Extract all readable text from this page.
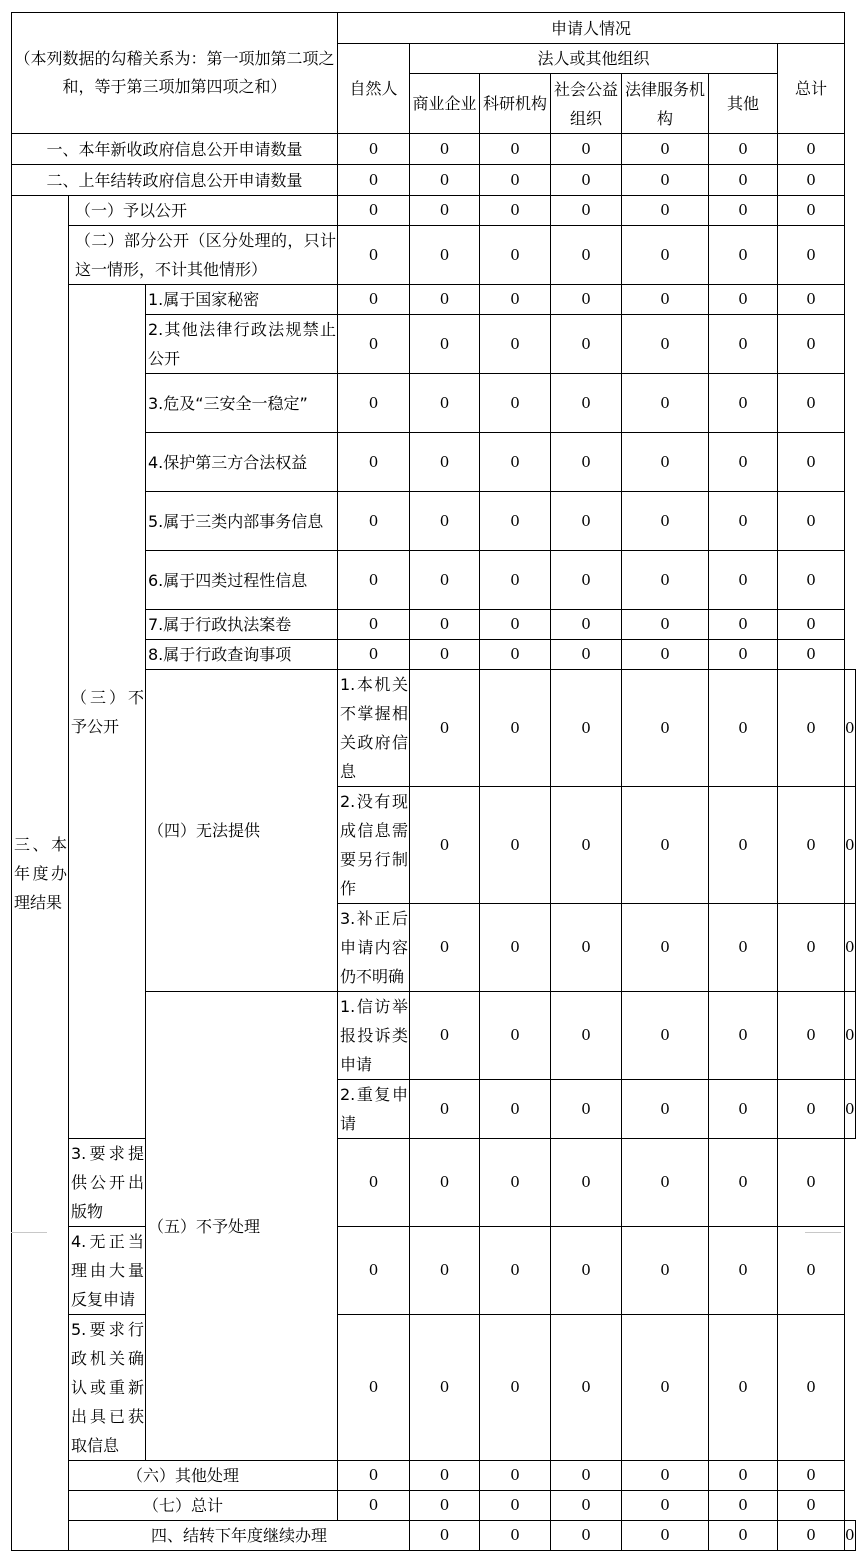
（本列数据的勾稽关系为：第一项加第二项之和，等于第三项加第四项之和）			申请人情况							
			自然人	法人或其他组织					总计	
				商业企业	科研机构	社会公益组织	法律服务机构	其他		

一、本年新收政府信息公开申请数量			0	0	0	0	0	0	0	
二、上年结转政府信息公开申请数量			0	0	0	0	0	0	0	
三、本年度办理结果	（一）予以公开		0	0	0	0	0	0	0	
	（二）部分公开（区分处理的，只计这一情形，不计其他情形）		0	0	0	0	0	0	0	
	（三）不予公开	1.属于国家秘密	0	0	0	0	0	0	0	
		2.其他法律行政法规禁止公开	0	0	0	0	0	0	0	
		3.危及“三安全一稳定”	0	0	0	0	0	0	0	
		4.保护第三方合法权益	0	0	0	0	0	0	0	
		5.属于三类内部事务信息	0	0	0	0	0	0	0	
		6.属于四类过程性信息	0	0	0	0	0	0	0	
		7.属于行政执法案卷	0	0	0	0	0	0	0	
		8.属于行政查询事项	0	0	0	0	0	0	0	
		（四）无法提供	1.本机关不掌握相关政府信息	0	0	0	0	0	0	0
			2.没有现成信息需要另行制作	0	0	0	0	0	0	0
			3.补正后申请内容仍不明确	0	0	0	0	0	0	0
		（五）不予处理	1.信访举报投诉类申请	0	0	0	0	0	0	0
			2.重复申请	0	0	0	0	0	0	0
	3.要求提供公开出版物		0	0	0	0	0	0	0	
	4.无正当理由大量反复申请		0	0	0	0	0	0	0	
	5.要求行政机关确认或重新出具已获取信息		0	0	0	0	0	0	0	
	（六）其他处理		0	0	0	0	0	0	0	
	（七）总计		0	0	0	0	0	0	0	
	四、结转下年度继续办理			0	0	0	0	0	0	0
